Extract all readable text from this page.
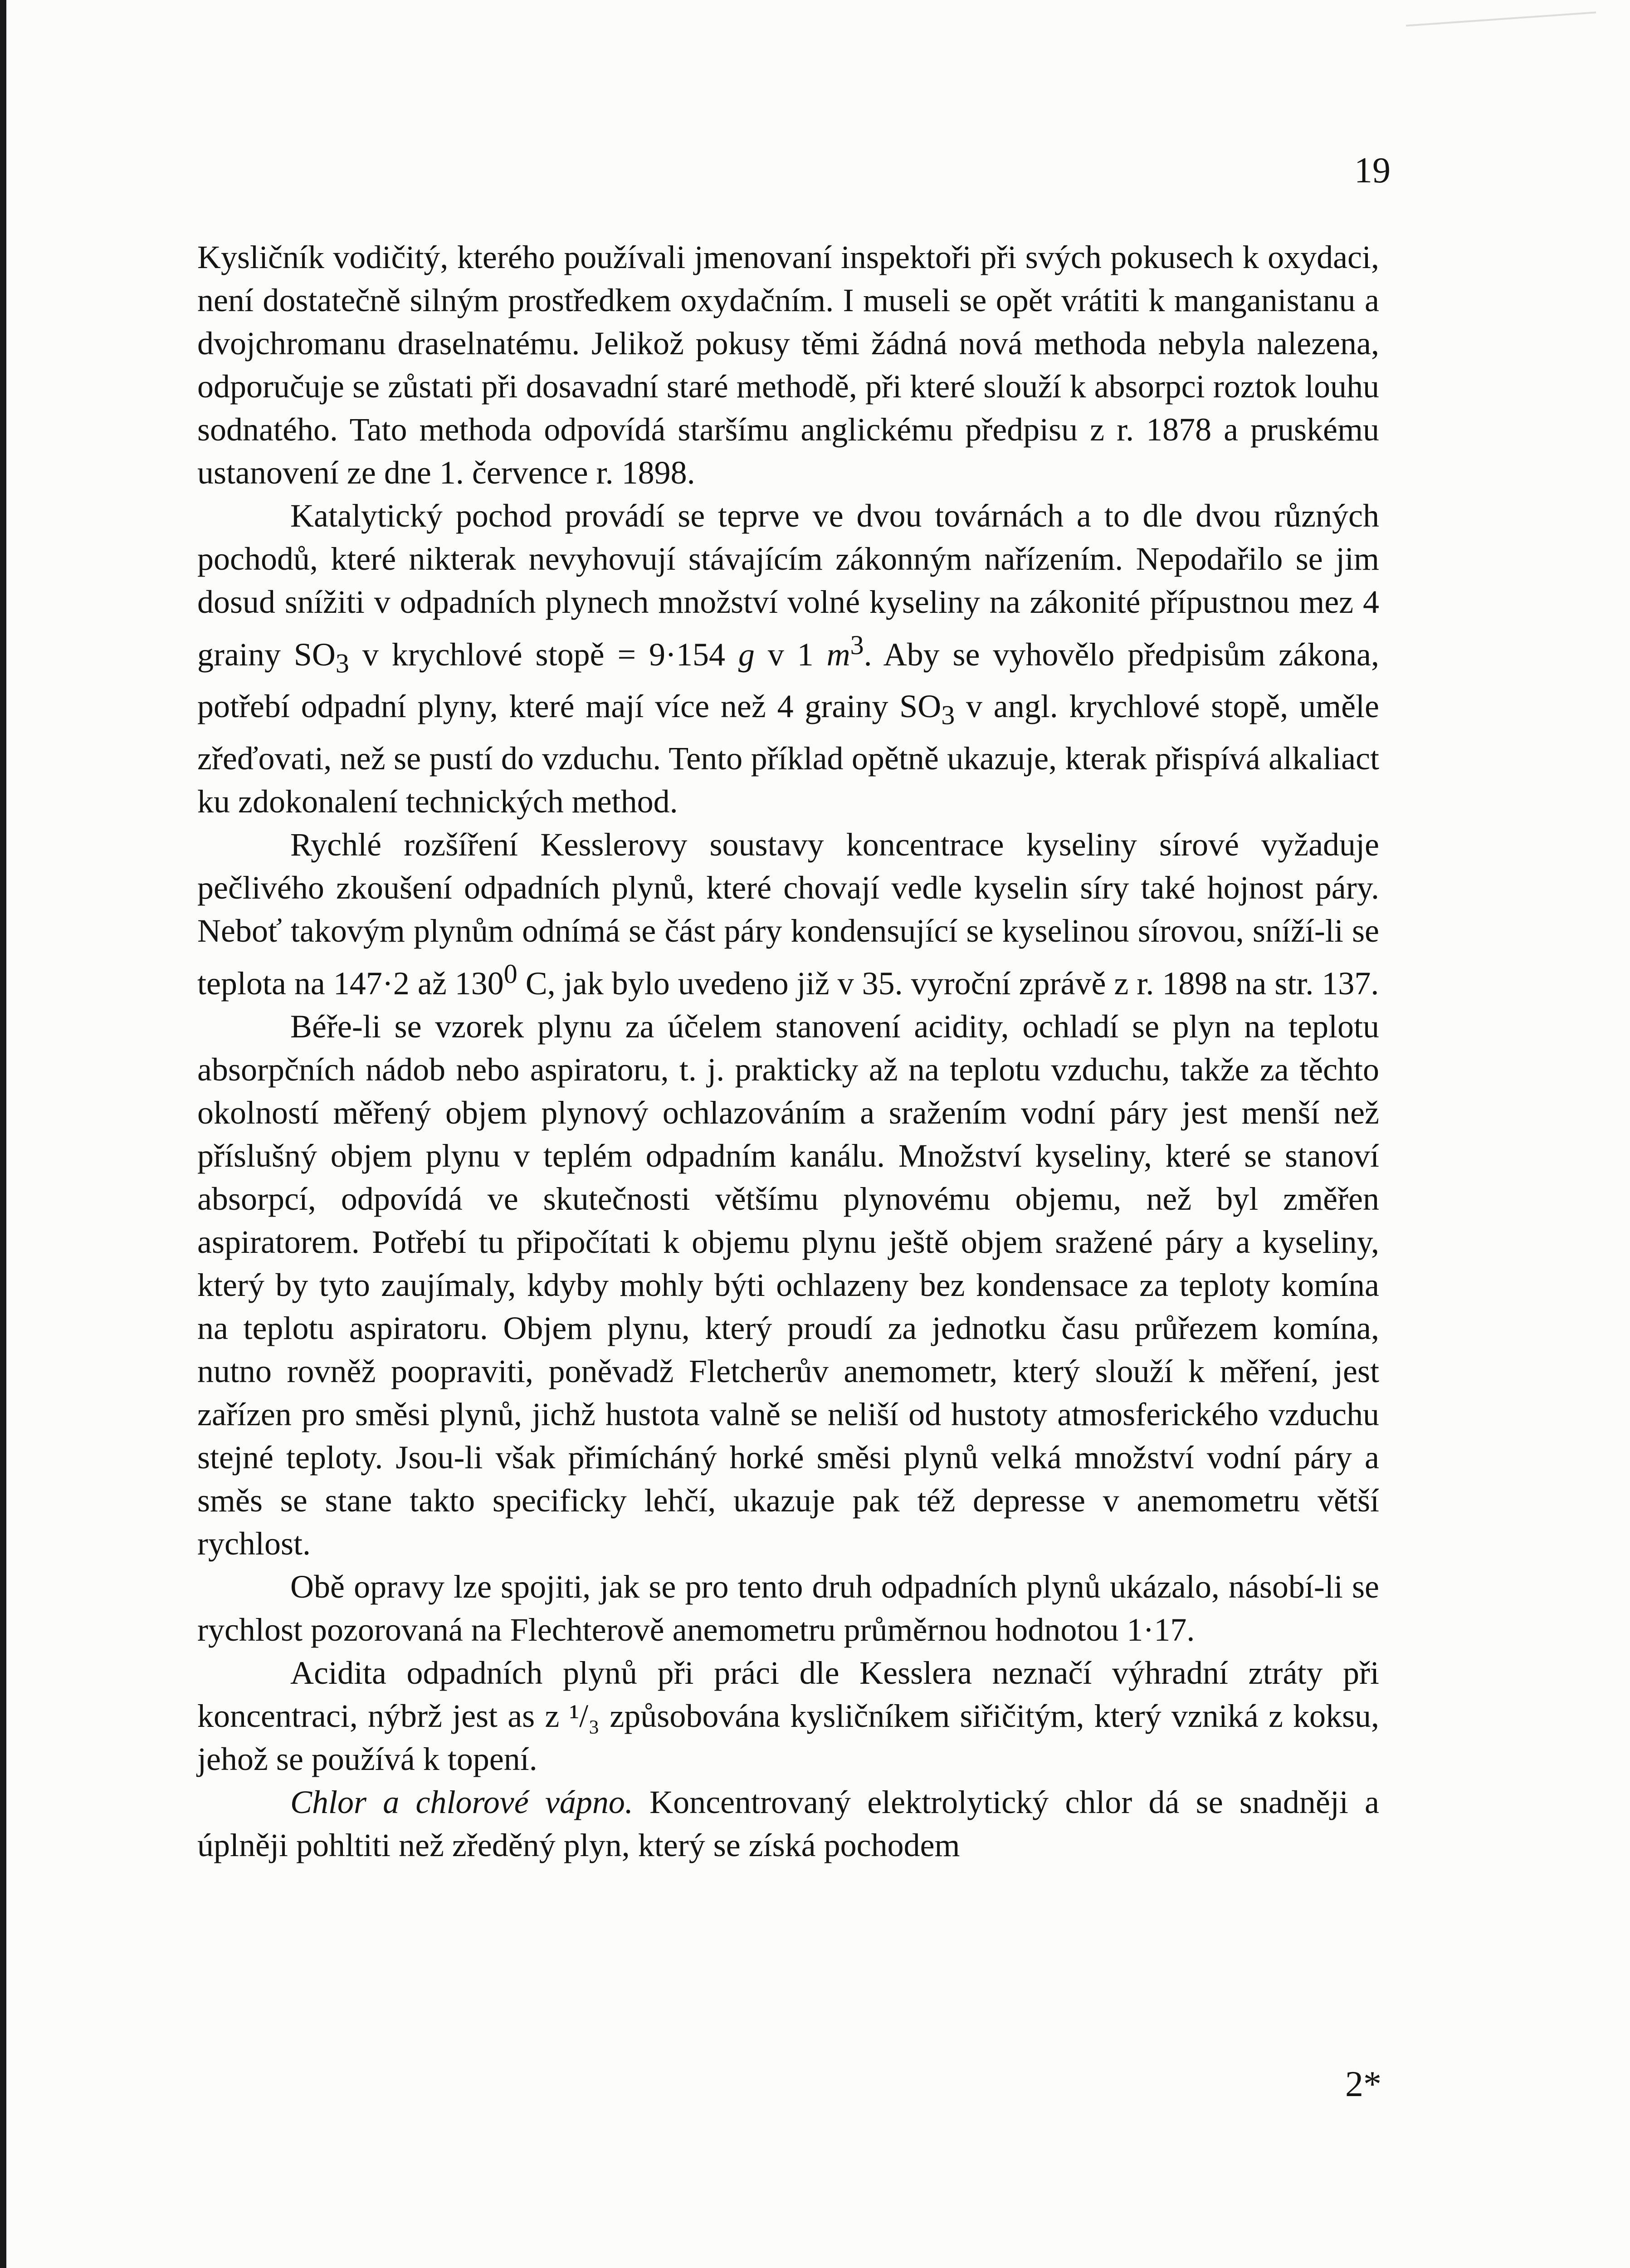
19

Kysličník vodičitý, kterého používali jmenovaní inspektoři při svých pokusech k oxydaci, není dostatečně silným prostředkem oxydačním. I museli se opět vrátiti k manganistanu a dvojchromanu draselnatému. Jelikož pokusy těmi žádná nová methoda nebyla nalezena, odporučuje se zůstati při dosavadní staré methodě, při které slouží k absorpci roztok louhu sodnatého. Tato methoda odpovídá staršímu anglickému předpisu z r. 1878 a pruskému ustanovení ze dne 1. července r. 1898.

Katalytický pochod provádí se teprve ve dvou továrnách a to dle dvou různých pochodů, které nikterak nevyhovují stávajícím zákonným nařízením. Nepodařilo se jim dosud snížiti v odpadních plynech množství volné kyseliny na zákonité přípustnou mez 4 grainy $SO_3$ v krychlové stopě = 9·154 g v 1 $m^3$. Aby se vyhovělo předpisům zákona, potřebí odpadní plyny, které mají více než 4 grainy $SO_3$ v angl. krychlové stopě, uměle zřeďovati, než se pustí do vzduchu. Tento příklad opětně ukazuje, kterak přispívá alkaliact ku zdokonalení technických method.

Rychlé rozšíření Kesslerovy soustavy koncentrace kyseliny sírové vyžaduje pečlivého zkoušení odpadních plynů, které chovají vedle kyselin síry také hojnost páry. Neboť takovým plynům odnímá se část páry kondensující se kyselinou sírovou, sníží-li se teplota na 147·2 až $130^0$ C, jak bylo uvedeno již v 35. vyroční zprávě z r. 1898 na str. 137.

Béře-li se vzorek plynu za účelem stanovení acidity, ochladí se plyn na teplotu absorpčních nádob nebo aspiratoru, t. j. prakticky až na teplotu vzduchu, takže za těchto okolností měřený objem plynový ochlazováním a sražením vodní páry jest menší než příslušný objem plynu v teplém odpadním kanálu. Množství kyseliny, které se stanoví absorpcí, odpovídá ve skutečnosti většímu plynovému objemu, než byl změřen aspiratorem. Potřebí tu připočítati k objemu plynu ještě objem sražené páry a kyseliny, který by tyto zaujímaly, kdyby mohly býti ochlazeny bez kondensace za teploty komína na teplotu aspiratoru. Objem plynu, který proudí za jednotku času průřezem komína, nutno rovněž poopraviti, poněvadž Fletcherův anemometr, který slouží k měření, jest zařízen pro směsi plynů, jichž hustota valně se neliší od hustoty atmosferického vzduchu stejné teploty. Jsou-li však přimícháný horké směsi plynů velká množství vodní páry a směs se stane takto specificky lehčí, ukazuje pak též depresse v anemometru větší rychlost.

Obě opravy lze spojiti, jak se pro tento druh odpadních plynů ukázalo, násobí-li se rychlost pozorovaná na Flechterově anemometru průměrnou hodnotou 1·17.

Acidita odpadních plynů při práci dle Kesslera neznačí výhradní ztráty při koncentraci, nýbrž jest as z ¹/₃ způsobována kysličníkem siřičitým, který vzniká z koksu, jehož se používá k topení.

Chlor a chlorové vápno. Koncentrovaný elektrolytický chlor dá se snadněji a úplněji pohltiti než zředěný plyn, který se získá pochodem

2*
